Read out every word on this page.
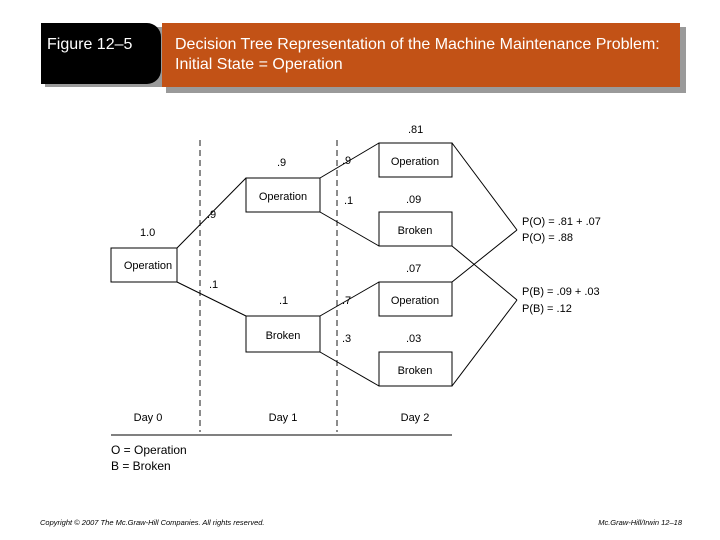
Figure 12–5	Decision Tree Representation of the Machine Maintenance Problem: Initial State = Operation
Operation
Operation
Broken
Operation
Broken
Operation
Broken
1.0
.9
.1
.9
.1
.9
.1
.7
.3
.81
.09
.07
.03
P(O) = .81 + .07
P(O) = .88
P(B) = .09 + .03
P(B) = .12
Day 0	Day 1	Day 2
O = Operation
B = Broken
Copyright © 2007 The Mc.Graw-Hill Companies. All rights reserved.	Mc.Graw-Hill/Irwin 12–18
